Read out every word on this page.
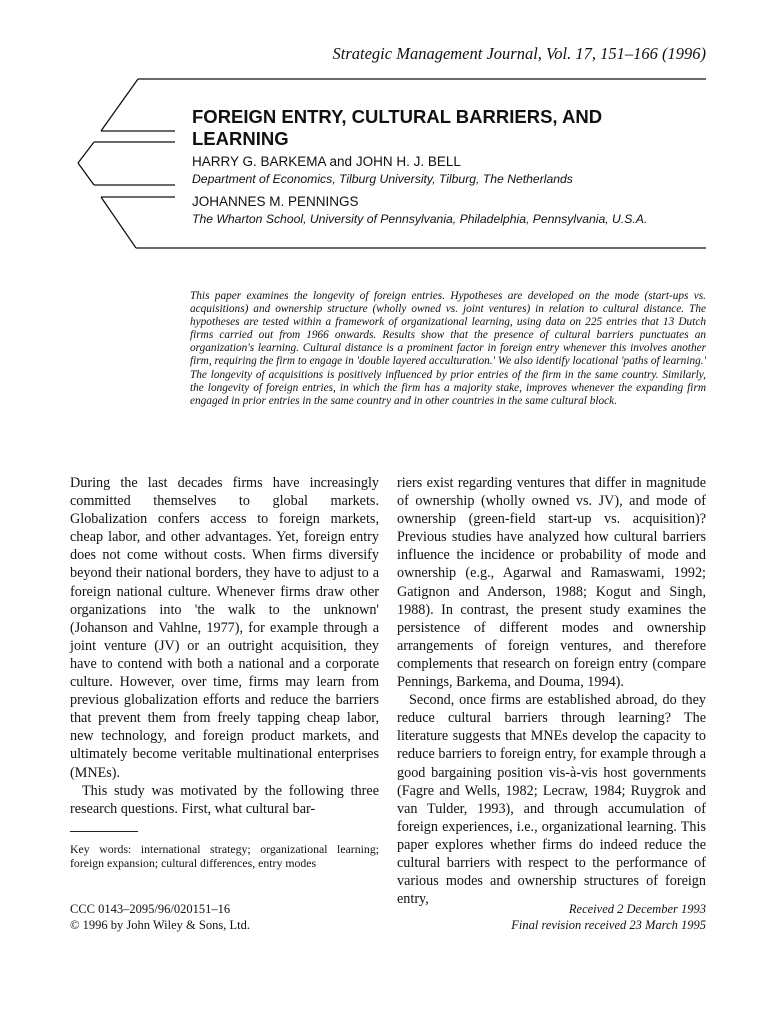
Strategic Management Journal, Vol. 17, 151–166 (1996)
FOREIGN ENTRY, CULTURAL BARRIERS, AND
LEARNING
HARRY G. BARKEMA and JOHN H. J. BELL
Department of Economics, Tilburg University, Tilburg, The Netherlands
JOHANNES M. PENNINGS
The Wharton School, University of Pennsylvania, Philadelphia, Pennsylvania, U.S.A.

This paper examines the longevity of foreign entries. Hypotheses are developed on the mode (start-ups vs. acquisitions) and ownership structure (wholly owned vs. joint ventures) in relation to cultural distance. The hypotheses are tested within a framework of organizational learning, using data on 225 entries that 13 Dutch firms carried out from 1966 onwards. Results show that the presence of cultural barriers punctuates an organization's learning. Cultural distance is a prominent factor in foreign entry whenever this involves another firm, requiring the firm to engage in 'double layered acculturation.' We also identify locational 'paths of learning.' The longevity of acquisitions is positively influenced by prior entries of the firm in the same country. Similarly, the longevity of foreign entries, in which the firm has a majority stake, improves whenever the expanding firm engaged in prior entries in the same country and in other countries in the same cultural block.

During the last decades firms have increasingly committed themselves to global markets. Globalization confers access to foreign markets, cheap labor, and other advantages. Yet, foreign entry does not come without costs. When firms diversify beyond their national borders, they have to adjust to a foreign national culture. Whenever firms draw other organizations into 'the walk to the unknown' (Johanson and Vahlne, 1977), for example through a joint venture (JV) or an outright acquisition, they have to contend with both a national and a corporate culture. However, over time, firms may learn from previous globalization efforts and reduce the barriers that prevent them from freely tapping cheap labor, new technology, and foreign product markets, and ultimately become veritable multinational enterprises (MNEs).

This study was motivated by the following three research questions. First, what cultural bar-

riers exist regarding ventures that differ in magnitude of ownership (wholly owned vs. JV), and mode of ownership (green-field start-up vs. acquisition)? Previous studies have analyzed how cultural barriers influence the incidence or probability of mode and ownership (e.g., Agarwal and Ramaswami, 1992; Gatignon and Anderson, 1988; Kogut and Singh, 1988). In contrast, the present study examines the persistence of different modes and ownership arrangements of foreign ventures, and therefore complements that research on foreign entry (compare Pennings, Barkema, and Douma, 1994).

Second, once firms are established abroad, do they reduce cultural barriers through learning? The literature suggests that MNEs develop the capacity to reduce barriers to foreign entry, for example through a good bargaining position vis-à-vis host governments (Fagre and Wells, 1982; Lecraw, 1984; Ruygrok and van Tulder, 1993), and through accumulation of foreign experiences, i.e., organizational learning. This paper explores whether firms do indeed reduce the cultural barriers with respect to the performance of various modes and ownership structures of foreign entry,

Key words: international strategy; organizational learning; foreign expansion; cultural differences, entry modes

CCC 0143–2095/96/020151–16
© 1996 by John Wiley & Sons, Ltd.
Received 2 December 1993
Final revision received 23 March 1995
